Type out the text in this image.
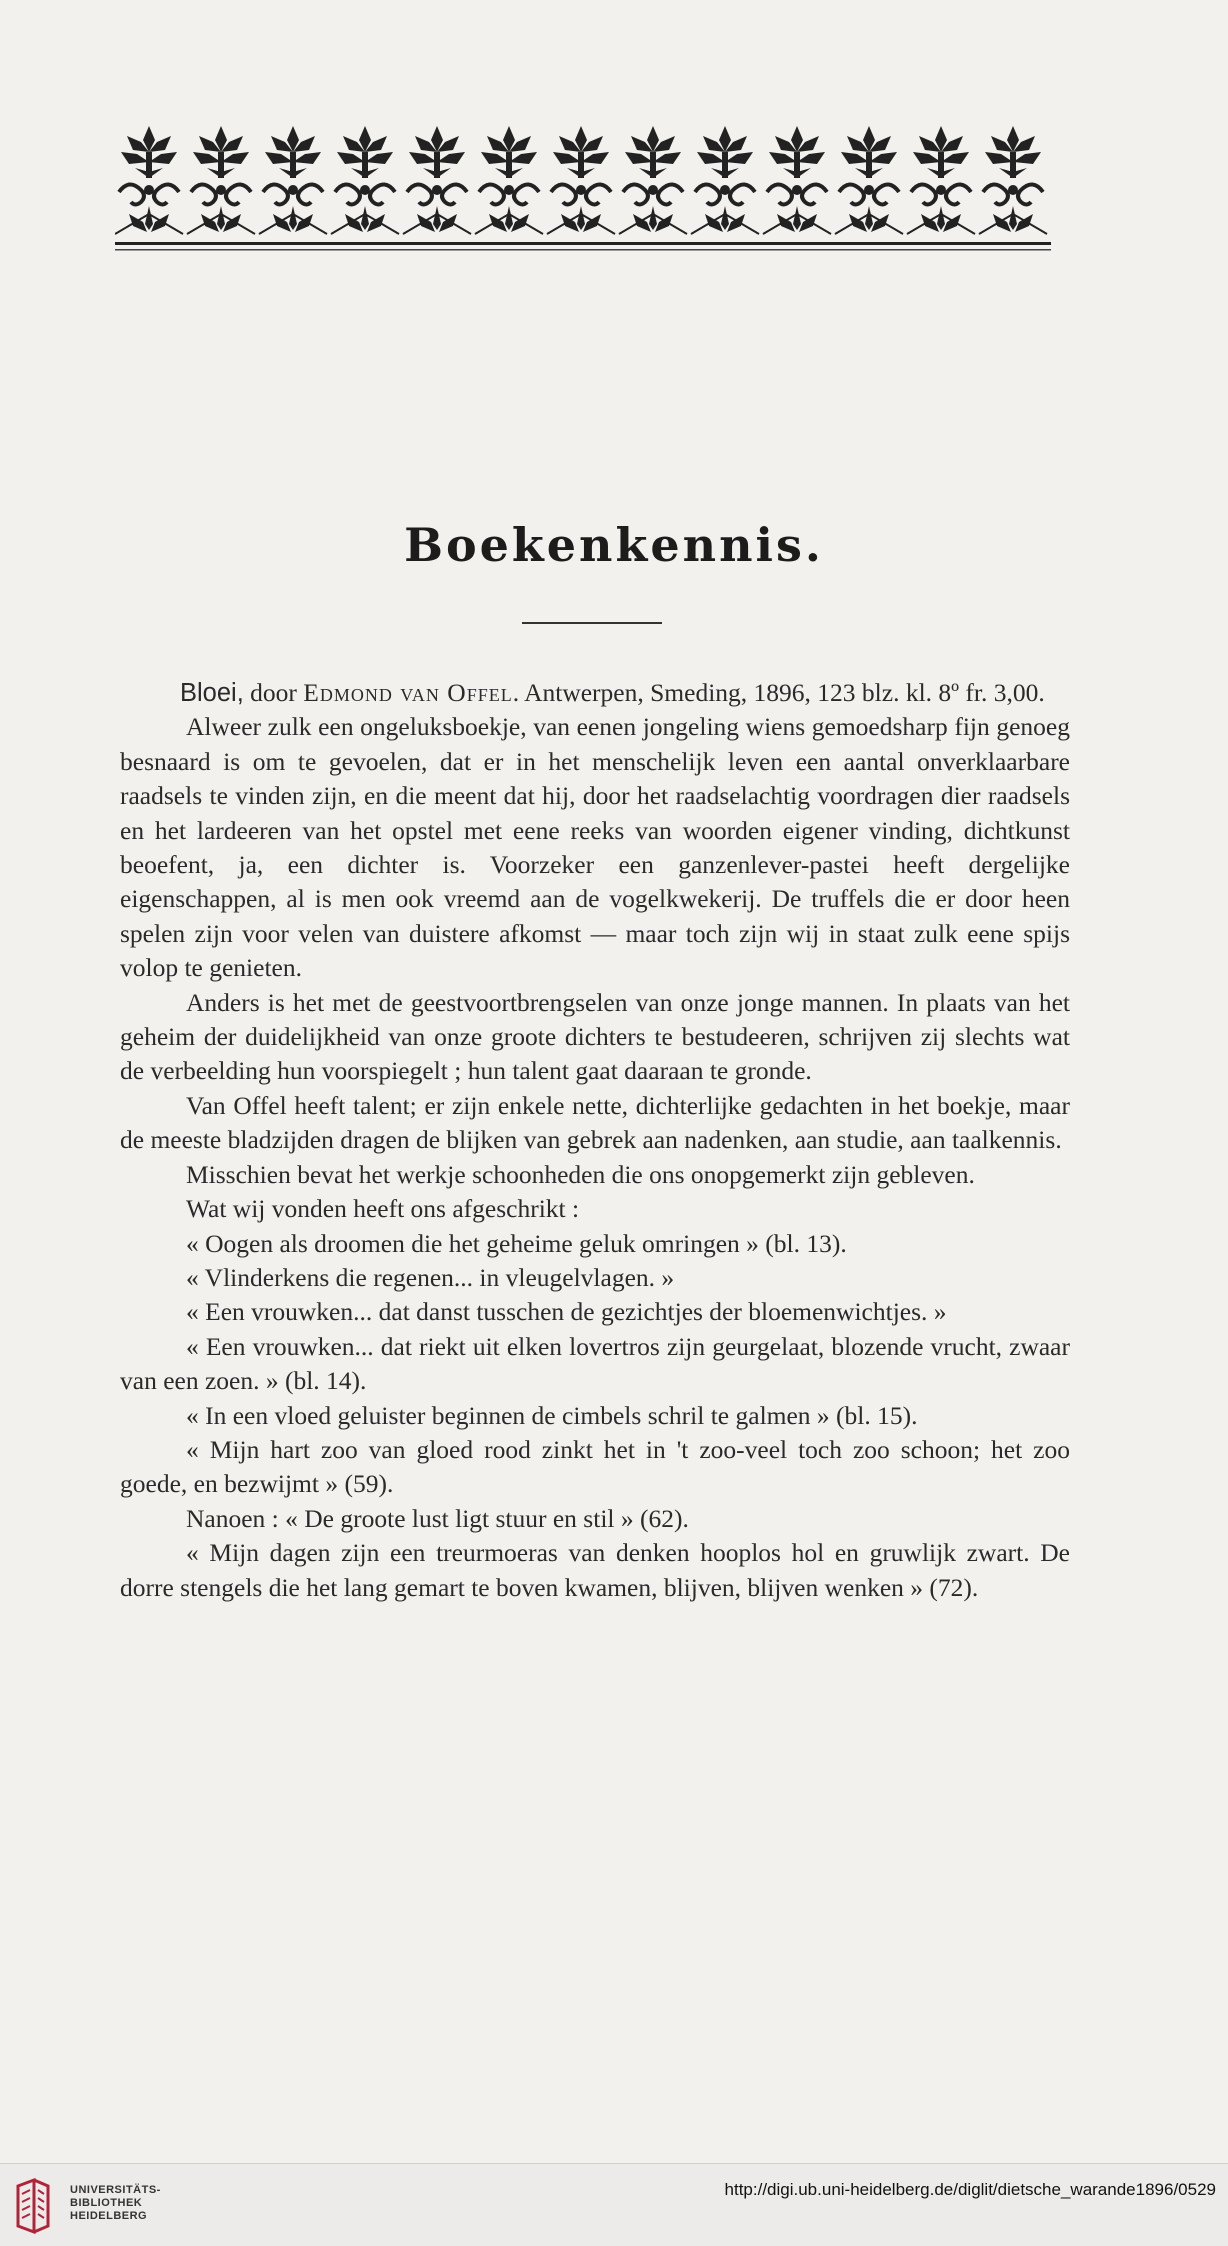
Boekenkennis.

Bloei, door Edmond van Offel. Antwerpen, Smeding, 1896, 123 blz. kl. 8º fr. 3,00.

Alweer zulk een ongeluksboekje, van eenen jongeling wiens gemoedsharp fijn genoeg besnaard is om te gevoelen, dat er in het menschelijk leven een aantal onverklaarbare raadsels te vinden zijn, en die meent dat hij, door het raadselachtig voordragen dier raadsels en het lardeeren van het opstel met eene reeks van woorden eigener vinding, dichtkunst beoefent, ja, een dichter is. Voorzeker een ganzenlever-pastei heeft dergelijke eigenschappen, al is men ook vreemd aan de vogelkwekerij. De truffels die er door heen spelen zijn voor velen van duistere afkomst — maar toch zijn wij in staat zulk eene spijs volop te genieten.

Anders is het met de geestvoortbrengselen van onze jonge mannen. In plaats van het geheim der duidelijkheid van onze groote dichters te bestudeeren, schrijven zij slechts wat de verbeelding hun voorspiegelt ; hun talent gaat daaraan te gronde.

Van Offel heeft talent; er zijn enkele nette, dichterlijke gedachten in het boekje, maar de meeste bladzijden dragen de blijken van gebrek aan nadenken, aan studie, aan taalkennis.

Misschien bevat het werkje schoonheden die ons onopgemerkt zijn gebleven.

Wat wij vonden heeft ons afgeschrikt :

« Oogen als droomen die het geheime geluk omringen » (bl. 13).

« Vlinderkens die regenen... in vleugelvlagen. »

« Een vrouwken... dat danst tusschen de gezichtjes der bloemenwichtjes. »

« Een vrouwken... dat riekt uit elken lovertros zijn geurgelaat, blozende vrucht, zwaar van een zoen. » (bl. 14).

« In een vloed geluister beginnen de cimbels schril te galmen » (bl. 15).

« Mijn hart zoo van gloed rood zinkt het in 't zoo-veel toch zoo schoon; het zoo goede, en bezwijmt » (59).

Nanoen : « De groote lust ligt stuur en stil » (62).

« Mijn dagen zijn een treurmoeras van denken hooplos hol en gruwlijk zwart. De dorre stengels die het lang gemart te boven kwamen, blijven, blijven wenken » (72).

UNIVERSITÄTS-
BIBLIOTHEK
HEIDELBERG
http://digi.ub.uni-heidelberg.de/diglit/dietsche_warande1896/0529
